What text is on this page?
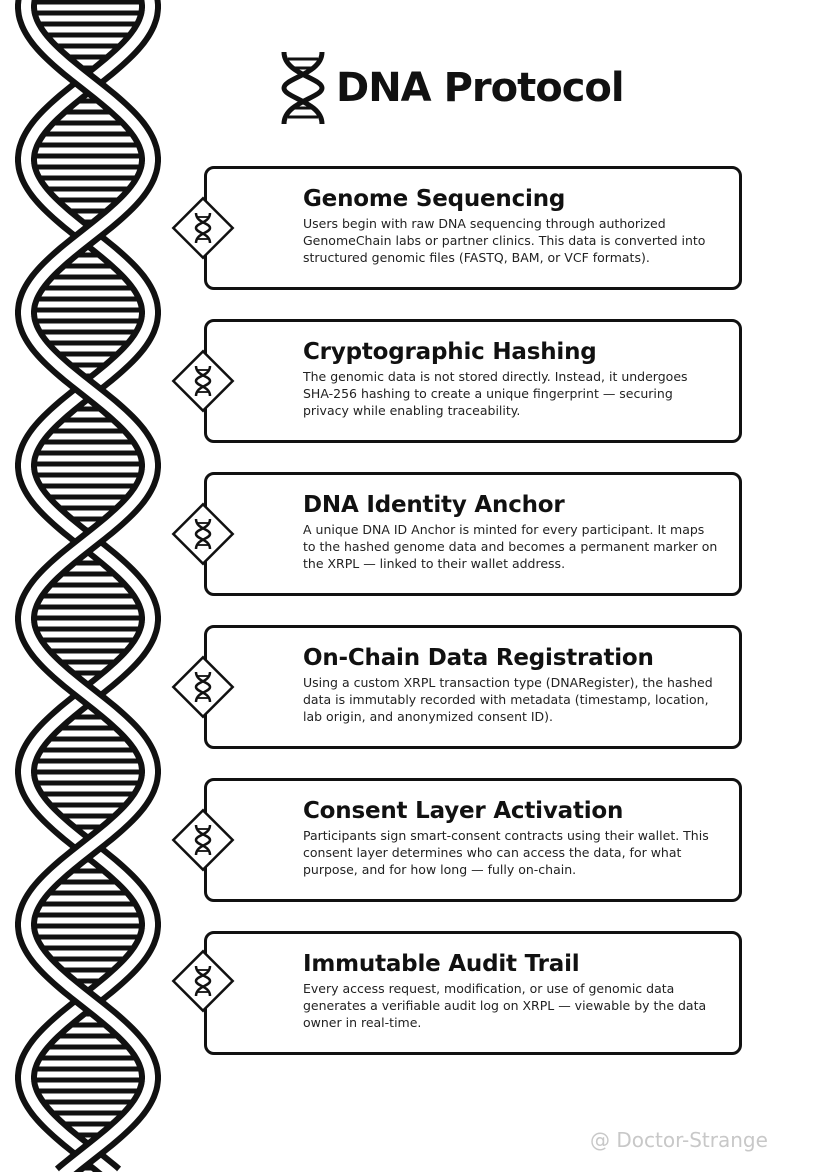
DNA Protocol
Genome Sequencing

Users begin with raw DNA sequencing through authorized GenomeChain labs or partner clinics. This data is converted into structured genomic files (FASTQ, BAM, or VCF formats).

Cryptographic Hashing

The genomic data is not stored directly. Instead, it undergoes SHA-256 hashing to create a unique fingerprint — securing privacy while enabling traceability.

DNA Identity Anchor

A unique DNA ID Anchor is minted for every participant. It maps to the hashed genome data and becomes a permanent marker on the XRPL — linked to their wallet address.

On-Chain Data Registration

Using a custom XRPL transaction type (DNARegister), the hashed data is immutably recorded with metadata (timestamp, location, lab origin, and anonymized consent ID).

Consent Layer Activation

Participants sign smart-consent contracts using their wallet. This consent layer determines who can access the data, for what purpose, and for how long — fully on-chain.

Immutable Audit Trail

Every access request, modification, or use of genomic data generates a verifiable audit log on XRPL — viewable by the data owner in real-time.

@ Doctor-Strange
